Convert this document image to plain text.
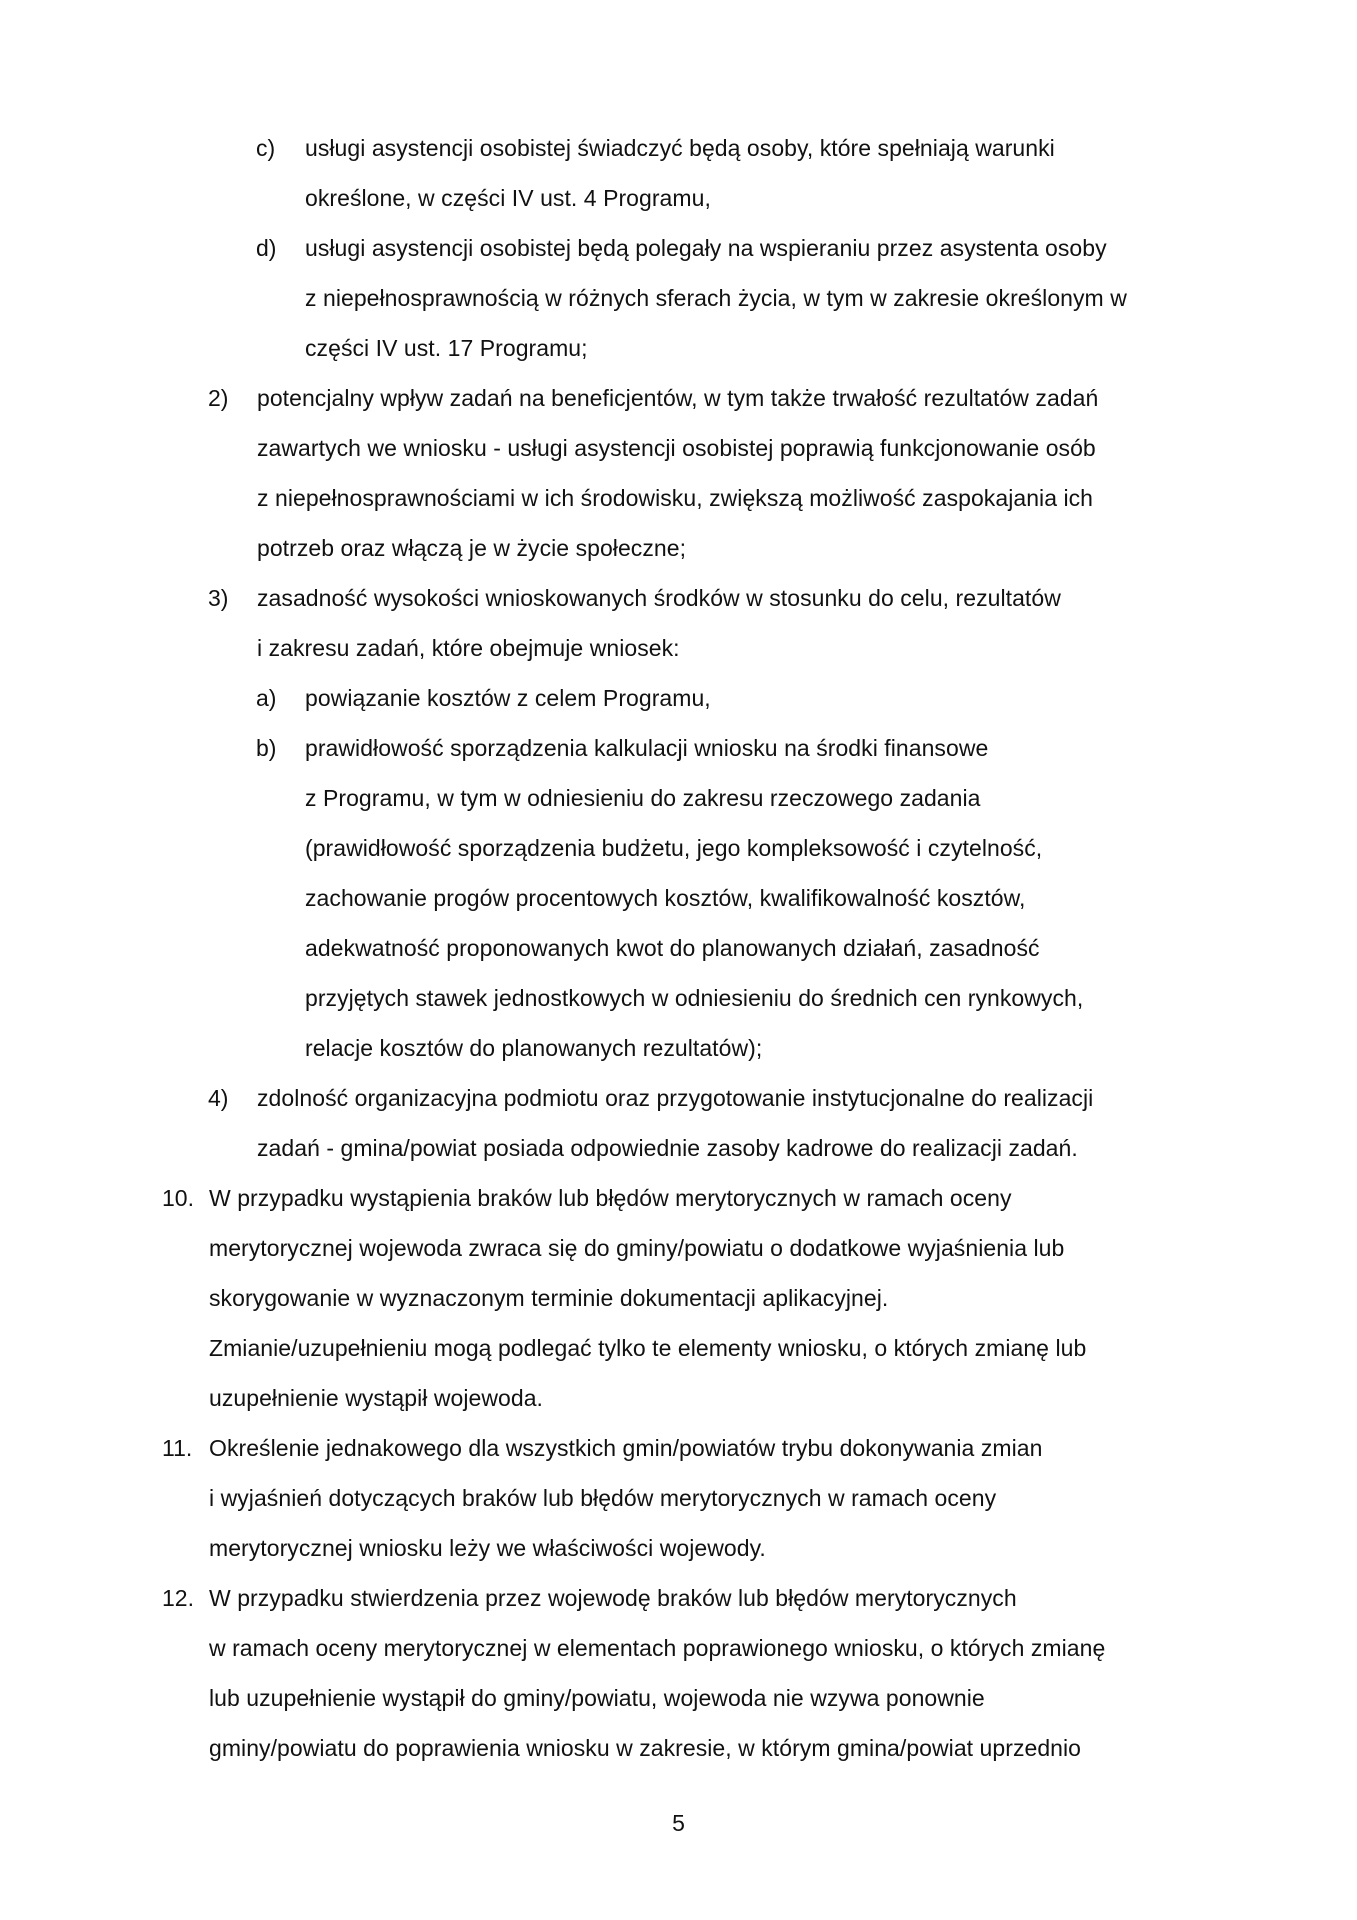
c) usługi asystencji osobistej świadczyć będą osoby, które spełniają warunki
określone, w części IV ust. 4 Programu,
d) usługi asystencji osobistej będą polegały na wspieraniu przez asystenta osoby
z niepełnosprawnością w różnych sferach życia, w tym w zakresie określonym w
części IV ust. 17 Programu;
2) potencjalny wpływ zadań na beneficjentów, w tym także trwałość rezultatów zadań
zawartych we wniosku - usługi asystencji osobistej poprawią funkcjonowanie osób
z niepełnosprawnościami w ich środowisku, zwiększą możliwość zaspokajania ich
potrzeb oraz włączą je w życie społeczne;
3) zasadność wysokości wnioskowanych środków w stosunku do celu, rezultatów
i zakresu zadań, które obejmuje wniosek:
a) powiązanie kosztów z celem Programu,
b) prawidłowość sporządzenia kalkulacji wniosku na środki finansowe
z Programu, w tym w odniesieniu do zakresu rzeczowego zadania
(prawidłowość sporządzenia budżetu, jego kompleksowość i czytelność,
zachowanie progów procentowych kosztów, kwalifikowalność kosztów,
adekwatność proponowanych kwot do planowanych działań, zasadność
przyjętych stawek jednostkowych w odniesieniu do średnich cen rynkowych,
relacje kosztów do planowanych rezultatów);
4) zdolność organizacyjna podmiotu oraz przygotowanie instytucjonalne do realizacji
zadań - gmina/powiat posiada odpowiednie zasoby kadrowe do realizacji zadań.
10. W przypadku wystąpienia braków lub błędów merytorycznych w ramach oceny
merytorycznej wojewoda zwraca się do gminy/powiatu o dodatkowe wyjaśnienia lub
skorygowanie w wyznaczonym terminie dokumentacji aplikacyjnej.
Zmianie/uzupełnieniu mogą podlegać tylko te elementy wniosku, o których zmianę lub
uzupełnienie wystąpił wojewoda.
11. Określenie jednakowego dla wszystkich gmin/powiatów trybu dokonywania zmian
i wyjaśnień dotyczących braków lub błędów merytorycznych w ramach oceny
merytorycznej wniosku leży we właściwości wojewody.
12. W przypadku stwierdzenia przez wojewodę braków lub błędów merytorycznych
w ramach oceny merytorycznej w elementach poprawionego wniosku, o których zmianę
lub uzupełnienie wystąpił do gminy/powiatu, wojewoda nie wzywa ponownie
gminy/powiatu do poprawienia wniosku w zakresie, w którym gmina/powiat uprzednio
5
